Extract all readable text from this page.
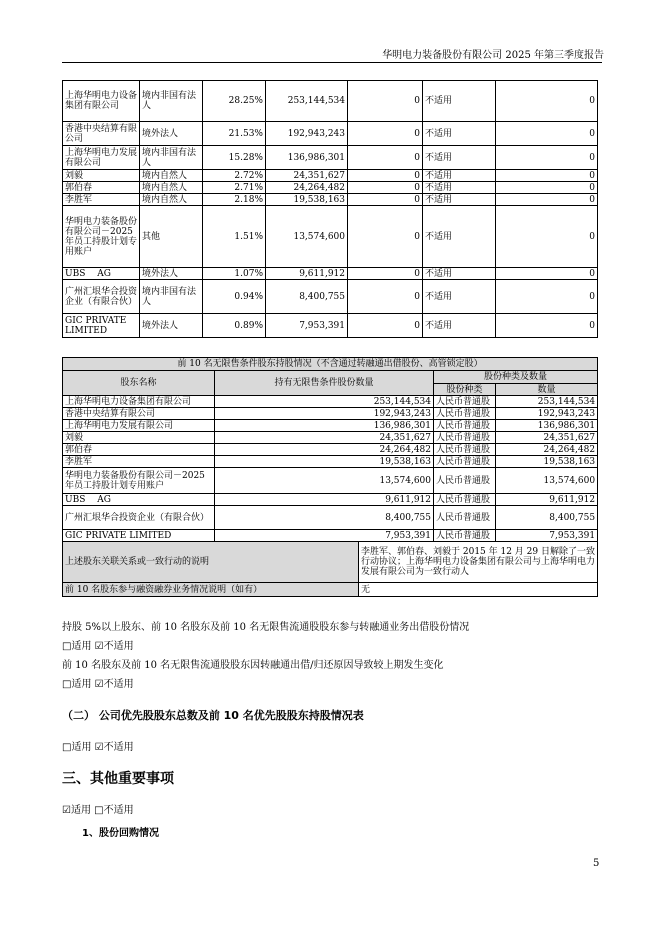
华明电力装备股份有限公司 2025 年第三季度报告
上海华明电力设备集团有限公司	境内非国有法人	28.25%	253,144,534	0	不适用	0
香港中央结算有限公司	境外法人	21.53%	192,943,243	0	不适用	0
上海华明电力发展有限公司	境内非国有法人	15.28%	136,986,301	0	不适用	0
刘毅	境内自然人	2.72%	24,351,627	0	不适用	0
郭伯春	境内自然人	2.71%	24,264,482	0	不适用	0
李胜军	境内自然人	2.18%	19,538,163	0	不适用	0
华明电力装备股份有限公司－2025 年员工持股计划专用账户	其他	1.51%	13,574,600	0	不适用	0
UBS　 AG	境外法人	1.07%	9,611,912	0	不适用	0
广州汇垠华合投资企业（有限合伙）	境内非国有法人	0.94%	8,400,755	0	不适用	0
GIC PRIVATE LIMITED	境外法人	0.89%	7,953,391	0	不适用	0
前 10 名无限售条件股东持股情况（不含通过转融通出借股份、高管锁定股）				
股东名称	持有无限售条件股份数量		股份种类及数量	
			股份种类	数量
上海华明电力设备集团有限公司	253,144,534		人民币普通股	253,144,534
香港中央结算有限公司	192,943,243		人民币普通股	192,943,243
上海华明电力发展有限公司	136,986,301		人民币普通股	136,986,301
刘毅	24,351,627		人民币普通股	24,351,627
郭伯春	24,264,482		人民币普通股	24,264,482
李胜军	19,538,163		人民币普通股	19,538,163
华明电力装备股份有限公司－2025 年员工持股计划专用账户	13,574,600		人民币普通股	13,574,600
UBS　 AG	9,611,912		人民币普通股	9,611,912
广州汇垠华合投资企业（有限合伙）	8,400,755		人民币普通股	8,400,755
GIC PRIVATE LIMITED	7,953,391		人民币普通股	7,953,391
上述股东关联关系或一致行动的说明		李胜军、郭伯春、刘毅于 2015 年 12 月 29 日解除了一致行动协议；上海华明电力设备集团有限公司与上海华明电力发展有限公司为一致行动人		
前 10 名股东参与融资融券业务情况说明（如有）		无		
持股 5%以上股东、前 10 名股东及前 10 名无限售流通股股东参与转融通业务出借股份情况
□适用 ☑不适用
前 10 名股东及前 10 名无限售流通股股东因转融通出借/归还原因导致较上期发生变化
□适用 ☑不适用
（二） 公司优先股股东总数及前 10 名优先股股东持股情况表
□适用 ☑不适用
三、其他重要事项
☑适用 □不适用
1、股份回购情况
5
